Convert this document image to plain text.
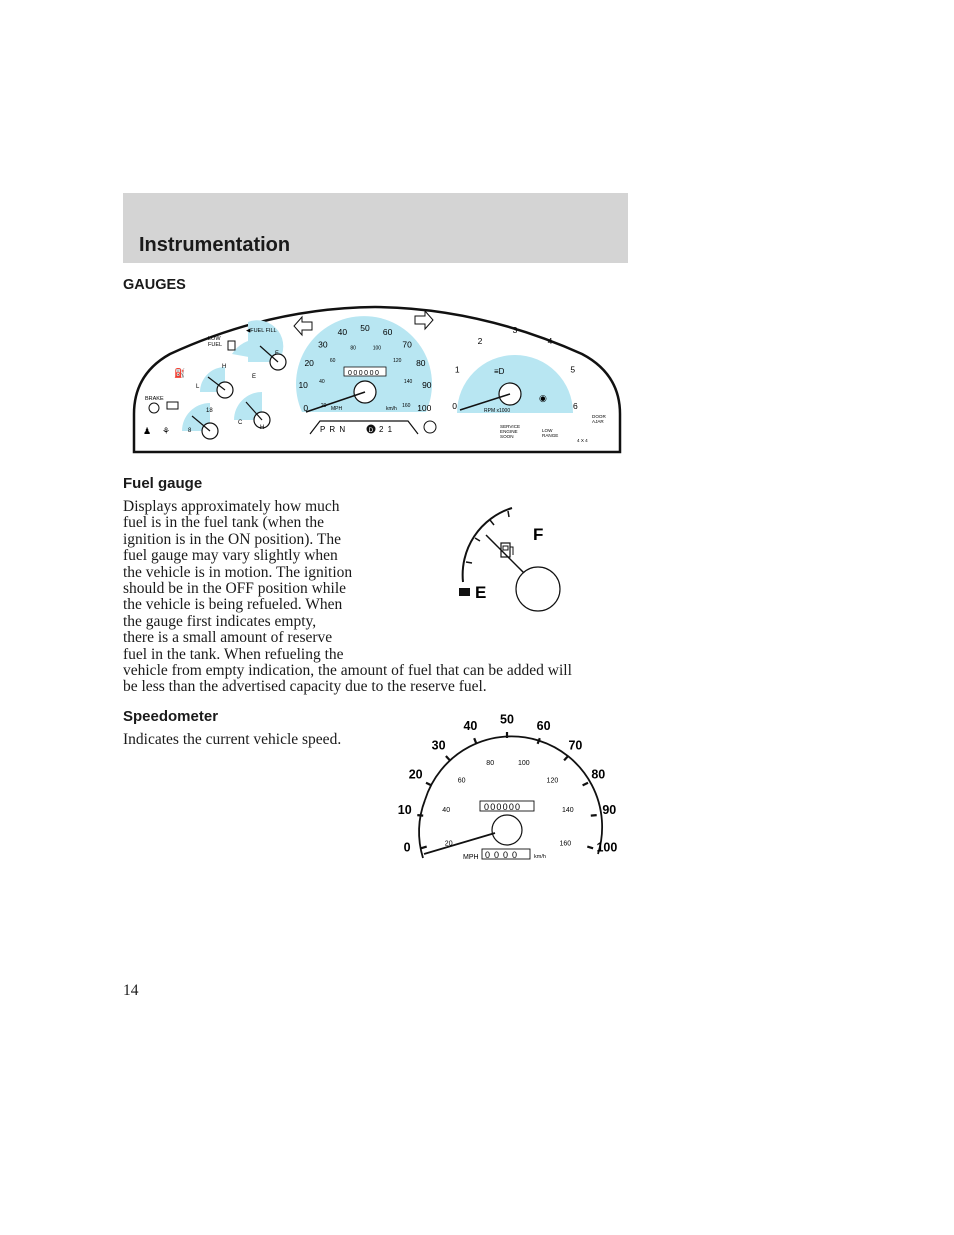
Instrumentation
GAUGES
F
E
LOW
FUEL
◀FUEL FILL
H
L
18
8	H
C
BRAKE
♟ ⚘
⛽	000000
MPH	km/h
0
10
20
30
40 50 60
70
80
90
100
20
40
60
80	100
120
140
160
P R N	D 2 1
RPM x1000
≡D
◉
0
1
2
3
4
5
6
SERVICE
ENGINE
SOON
LOW
RANGE
DOOR
AJAR
4 X 4
Fuel gauge
Displays approximately how much
fuel is in the fuel tank (when the
ignition is in the ON position). The
fuel gauge may vary slightly when
the vehicle is in motion. The ignition
should be in the OFF position while
the vehicle is being refueled. When
the gauge first indicates empty,
there is a small amount of reserve
fuel in the tank. When refueling the
vehicle from empty indication, the amount of fuel that can be added will
be less than the advertised capacity due to the reserve fuel.
F
E
Speedometer
Indicates the current vehicle speed.
000000
MPH 0000 km/h
0
10
20
30
40 50 60
70
80
90
100
20
40
60
80	100
120
140
160
14
